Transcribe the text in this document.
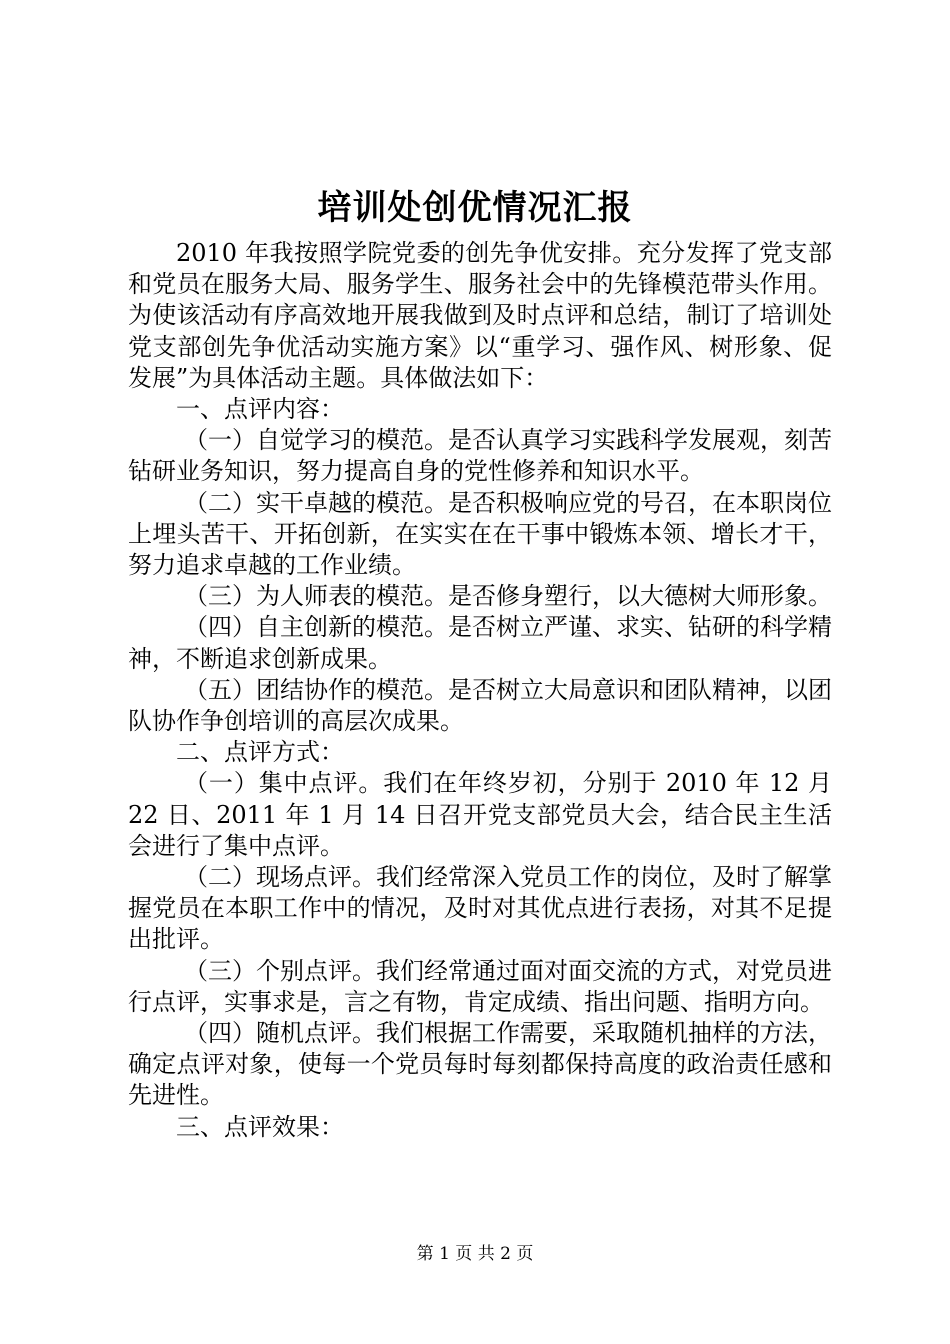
培训处创优情况汇报

2010 年我按照学院党委的创先争优安排。充分发挥了党支部和党员在服务大局、服务学生、服务社会中的先锋模范带头作用。为使该活动有序高效地开展我做到及时点评和总结，制订了培训处党支部创先争优活动实施方案》以“重学习、强作风、树形象、促发展”为具体活动主题。具体做法如下：

一、点评内容：

（一）自觉学习的模范。是否认真学习实践科学发展观，刻苦钻研业务知识，努力提高自身的党性修养和知识水平。

（二）实干卓越的模范。是否积极响应党的号召，在本职岗位上埋头苦干、开拓创新，在实实在在干事中锻炼本领、增长才干，努力追求卓越的工作业绩。

（三）为人师表的模范。是否修身塑行，以大德树大师形象。

（四）自主创新的模范。是否树立严谨、求实、钻研的科学精神，不断追求创新成果。

（五）团结协作的模范。是否树立大局意识和团队精神，以团队协作争创培训的高层次成果。

二、点评方式：

（一）集中点评。我们在年终岁初，分别于 2010 年 12 月 22 日、2011 年 1 月 14 日召开党支部党员大会，结合民主生活会进行了集中点评。

（二）现场点评。我们经常深入党员工作的岗位，及时了解掌握党员在本职工作中的情况，及时对其优点进行表扬，对其不足提出批评。

（三）个别点评。我们经常通过面对面交流的方式，对党员进行点评，实事求是，言之有物，肯定成绩、指出问题、指明方向。

（四）随机点评。我们根据工作需要，采取随机抽样的方法，确定点评对象，使每一个党员每时每刻都保持高度的政治责任感和先进性。

三、点评效果：

第 1 页 共 2 页
